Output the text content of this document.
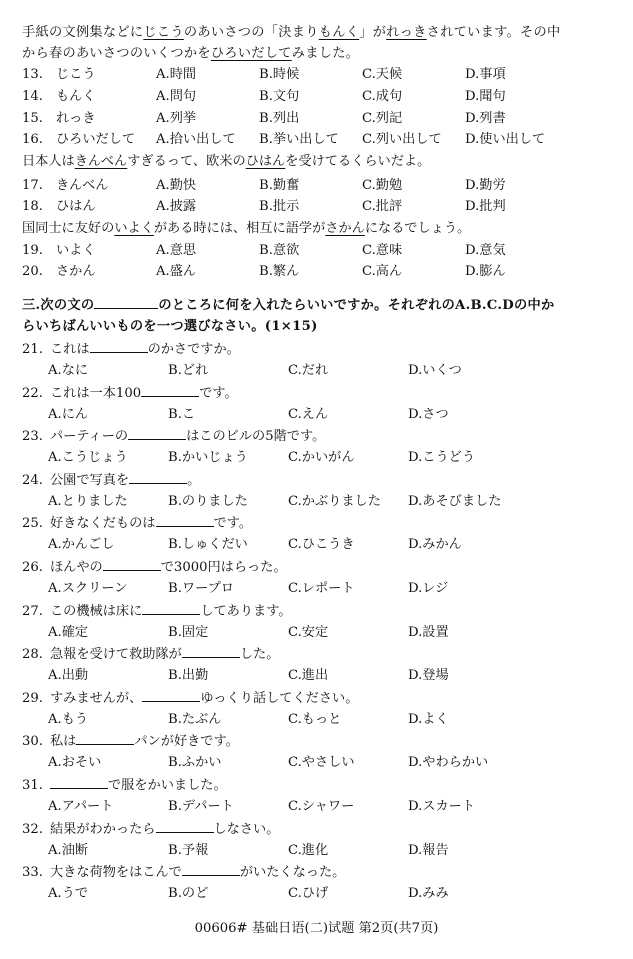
手紙の文例集などにじこうのあいさつの「決まりもんく」がれっきされています。その中
から春のあいさつのいくつかをひろいだしてみました。
13. じこう	A.時間	B.時候	C.天候	D.事項
14. もんく	A.問句	B.文句	C.成句	D.聞句
15. れっき	A.列挙	B.列出	C.列記	D.列書
16. ひろいだして	A.拾い出して B.挙い出して C.列い出して D.使い出して
日本人はきんべんすぎるって、欧米のひはんを受けてるくらいだよ。
17. きんべん	A.勤快	B.勤奮	C.勤勉	D.勤労
18. ひはん	A.披露	B.批示	C.批評	D.批判
国同士に友好のいよくがある時には、相互に語学がさかんになるでしょう。
19. いよく	A.意思	B.意欲	C.意味	D.意気
20. さかん	A.盛ん	B.繁ん	C.高ん	D.膨ん
三.次の文の	のところに何を入れたらいいですか。それぞれのA.B.C.Dの中か
らいちばんいいものを一つ選びなさい。(1×15)
21. これは	のかさですか。
A.なに	B.どれ	C.だれ	D.いくつ
22. これは一本100	です。
A.にん	B.こ	C.えん	D.さつ
23. パーティーの	はこのビルの5階です。
A.こうじょう	B.かいじょう	C.かいがん	D.こうどう
24. 公園で写真を	。
A.とりました	B.のりました	C.かぶりました D.あそびました
25. 好きなくだものは	です。
A.かんごし	B.しゅくだい	C.ひこうき	D.みかん
26. ほんやの	で3000円はらった。
A.スクリーン	B.ワープロ	C.レポート	D.レジ
27. この機械は床に	してあります。
A.確定	B.固定	C.安定	D.設置
28. 急報を受けて救助隊が	した。
A.出動	B.出勤	C.進出	D.登場
29. すみませんが、	ゆっくり話してください。
A.もう	B.たぶん	C.もっと	D.よく
30. 私は	パンが好きです。
A.おそい	B.ふかい	C.やさしい	D.やわらかい
31.	で服をかいました。
A.アパート	B.デパート	C.シャワー	D.スカート
32. 結果がわかったら	しなさい。
A.油断	B.予報	C.進化	D.報告
33. 大きな荷物をはこんで	がいたくなった。
A.うで	B.のど	C.ひげ	D.みみ
00606# 基础日语(二)试题 第2页(共7页)
